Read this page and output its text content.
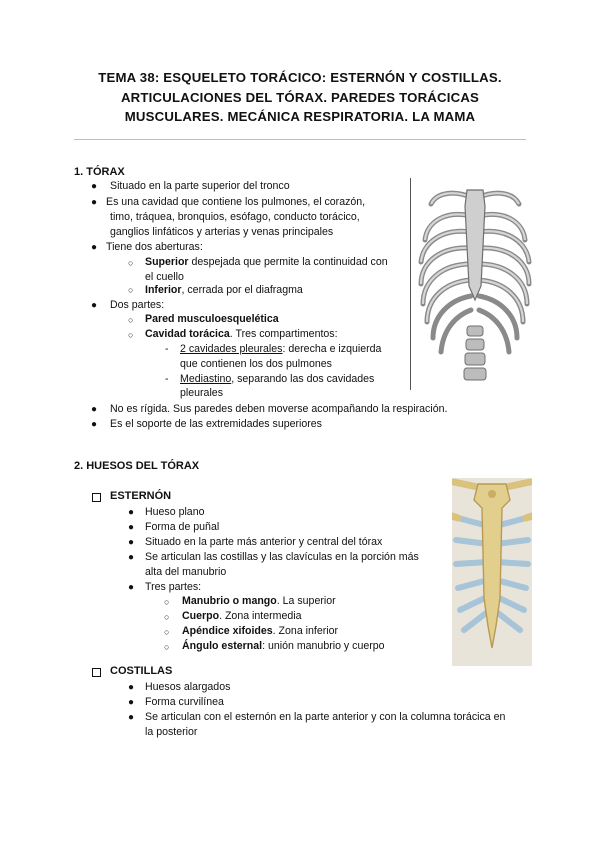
TEMA 38: ESQUELETO TORÁCICO: ESTERNÓN Y COSTILLAS.
ARTICULACIONES DEL TÓRAX. PAREDES TORÁCICAS
MUSCULARES. MECÁNICA RESPIRATORIA. LA MAMA
1. TÓRAX
● Situado en la parte superior del tronco
● Es una cavidad que contiene los pulmones, el corazón,
timo, tráquea, bronquios, esófago, conducto torácico,
ganglios linfáticos y arterias y venas principales
● Tiene dos aberturas:
○ Superior despejada que permite la continuidad con
el cuello
○ Inferior, cerrada por el diafragma
● Dos partes:
○ Pared musculoesquelética
○ Cavidad torácica. Tres compartimentos:
- 2 cavidades pleurales: derecha e izquierda
que contienen los dos pulmones
- Mediastino, separando las dos cavidades
pleurales
● No es rígida. Sus paredes deben moverse acompañando la respiración.
● Es el soporte de las extremidades superiores
2. HUESOS DEL TÓRAX
ESTERNÓN
● Hueso plano
● Forma de puñal
● Situado en la parte más anterior y central del tórax
● Se articulan las costillas y las clavículas en la porción más
alta del manubrio
● Tres partes:
○ Manubrio o mango. La superior
○ Cuerpo. Zona intermedia
○ Apéndice xifoides. Zona inferior
○ Ángulo esternal: unión manubrio y cuerpo
COSTILLAS
● Huesos alargados
● Forma curvilínea
● Se articulan con el esternón en la parte anterior y con la columna torácica en
la posterior
